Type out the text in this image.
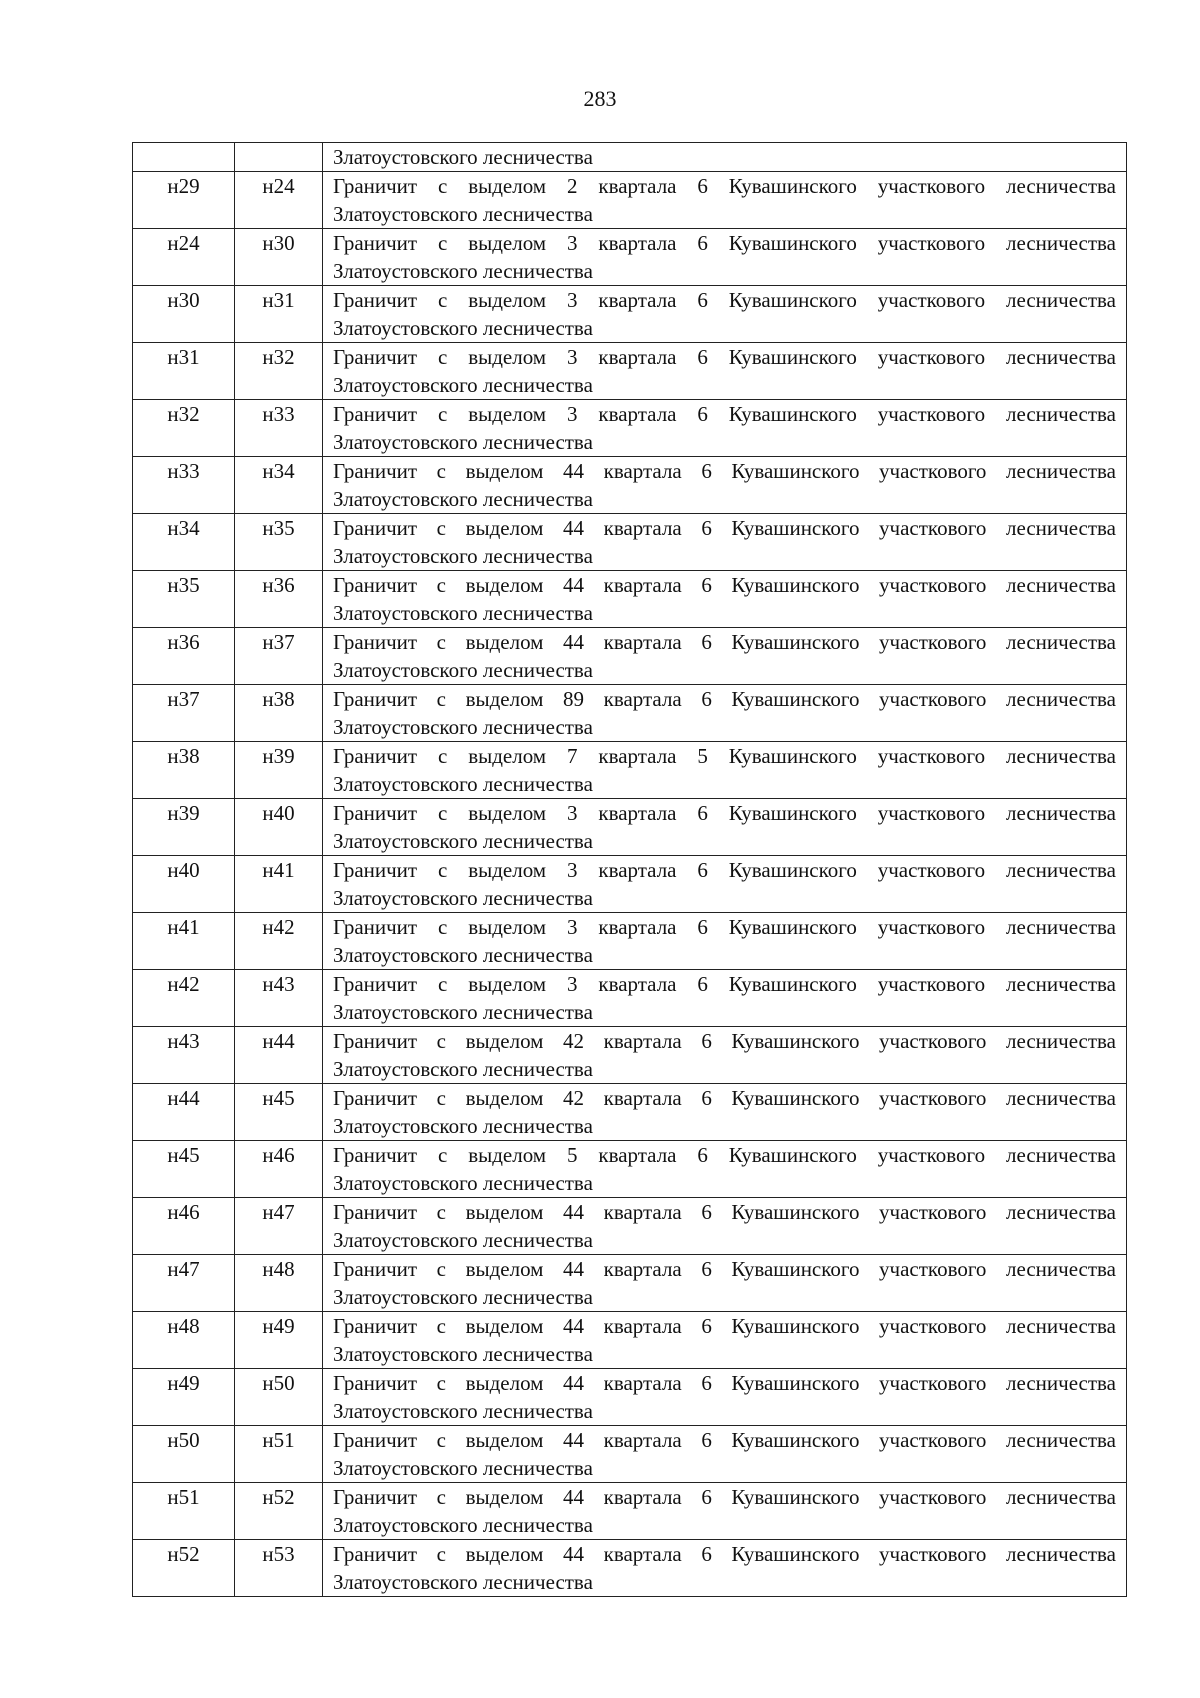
283

		Златоустовского лесничества

н29	н24	Граничит с выделом 2 квартала 6 Кувашинского участкового лесничества
Златоустовского лесничества

н24	н30	Граничит с выделом 3 квартала 6 Кувашинского участкового лесничества
Златоустовского лесничества

н30	н31	Граничит с выделом 3 квартала 6 Кувашинского участкового лесничества
Златоустовского лесничества

н31	н32	Граничит с выделом 3 квартала 6 Кувашинского участкового лесничества
Златоустовского лесничества

н32	н33	Граничит с выделом 3 квартала 6 Кувашинского участкового лесничества
Златоустовского лесничества

н33	н34	Граничит с выделом 44 квартала 6 Кувашинского участкового лесничества
Златоустовского лесничества

н34	н35	Граничит с выделом 44 квартала 6 Кувашинского участкового лесничества
Златоустовского лесничества

н35	н36	Граничит с выделом 44 квартала 6 Кувашинского участкового лесничества
Златоустовского лесничества

н36	н37	Граничит с выделом 44 квартала 6 Кувашинского участкового лесничества
Златоустовского лесничества

н37	н38	Граничит с выделом 89 квартала 6 Кувашинского участкового лесничества
Златоустовского лесничества

н38	н39	Граничит с выделом 7 квартала 5 Кувашинского участкового лесничества
Златоустовского лесничества

н39	н40	Граничит с выделом 3 квартала 6 Кувашинского участкового лесничества
Златоустовского лесничества

н40	н41	Граничит с выделом 3 квартала 6 Кувашинского участкового лесничества
Златоустовского лесничества

н41	н42	Граничит с выделом 3 квартала 6 Кувашинского участкового лесничества
Златоустовского лесничества

н42	н43	Граничит с выделом 3 квартала 6 Кувашинского участкового лесничества
Златоустовского лесничества

н43	н44	Граничит с выделом 42 квартала 6 Кувашинского участкового лесничества
Златоустовского лесничества

н44	н45	Граничит с выделом 42 квартала 6 Кувашинского участкового лесничества
Златоустовского лесничества

н45	н46	Граничит с выделом 5 квартала 6 Кувашинского участкового лесничества
Златоустовского лесничества

н46	н47	Граничит с выделом 44 квартала 6 Кувашинского участкового лесничества
Златоустовского лесничества

н47	н48	Граничит с выделом 44 квартала 6 Кувашинского участкового лесничества
Златоустовского лесничества

н48	н49	Граничит с выделом 44 квартала 6 Кувашинского участкового лесничества
Златоустовского лесничества

н49	н50	Граничит с выделом 44 квартала 6 Кувашинского участкового лесничества
Златоустовского лесничества

н50	н51	Граничит с выделом 44 квартала 6 Кувашинского участкового лесничества
Златоустовского лесничества

н51	н52	Граничит с выделом 44 квартала 6 Кувашинского участкового лесничества
Златоустовского лесничества

н52	н53	Граничит с выделом 44 квартала 6 Кувашинского участкового лесничества
Златоустовского лесничества
